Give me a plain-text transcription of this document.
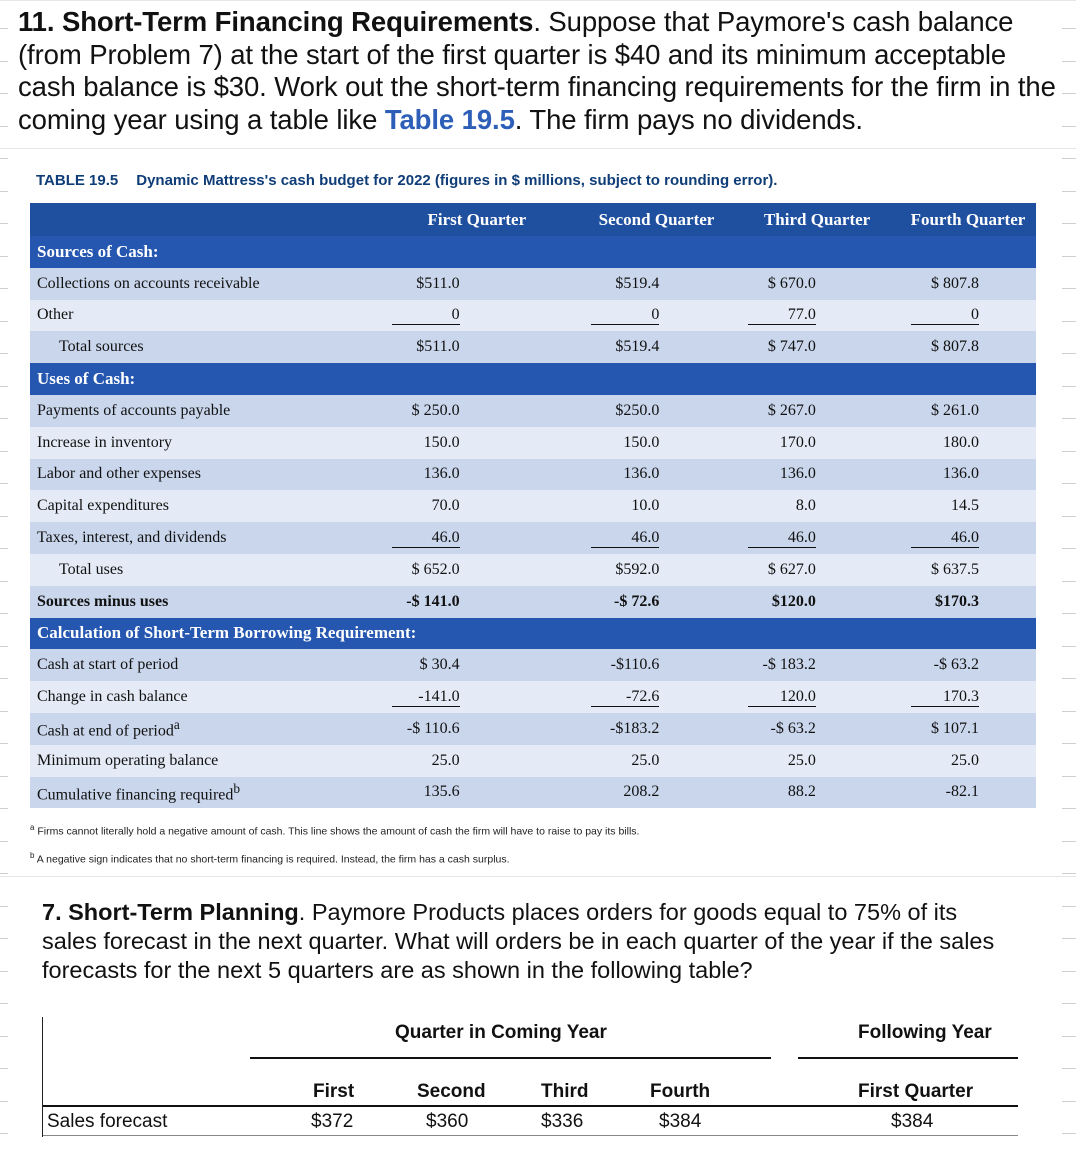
11. Short-Term Financing Requirements. Suppose that Paymore's cash balance (from Problem 7) at the start of the first quarter is $40 and its minimum acceptable cash balance is $30. Work out the short-term financing requirements for the firm in the coming year using a table like Table 19.5. The firm pays no dividends.
TABLE 19.5 Dynamic Mattress's cash budget for 2022 (figures in $ millions, subject to rounding error).
	First Quarter	Second Quarter	Third Quarter	Fourth Quarter
Sources of Cash:				
Collections on accounts receivable	$511.0	$519.4	$ 670.0	$ 807.8
Other	0	0	77.0	0
Total sources	$511.0	$519.4	$ 747.0	$ 807.8
Uses of Cash:				
Payments of accounts payable	$ 250.0	$250.0	$ 267.0	$ 261.0
Increase in inventory	150.0	150.0	170.0	180.0
Labor and other expenses	136.0	136.0	136.0	136.0
Capital expenditures	70.0	10.0	8.0	14.5
Taxes, interest, and dividends	46.0	46.0	46.0	46.0
Total uses	$ 652.0	$592.0	$ 627.0	$ 637.5
Sources minus uses	-$ 141.0	-$ 72.6	$120.0	$170.3
Calculation of Short-Term Borrowing Requirement:				
Cash at start of period	$ 30.4	-$110.6	-$ 183.2	-$ 63.2
Change in cash balance	-141.0	-72.6	120.0	170.3
Cash at end of period$^a$	-$ 110.6	-$183.2	-$ 63.2	$ 107.1
Minimum operating balance	25.0	25.0	25.0	25.0
Cumulative financing required$^b$	135.6	208.2	88.2	-82.1
$^a$ Firms cannot literally hold a negative amount of cash. This line shows the amount of cash the firm will have to raise to pay its bills.
$^b$ A negative sign indicates that no short-term financing is required. Instead, the firm has a cash surplus.
7. Short-Term Planning. Paymore Products places orders for goods equal to 75% of its sales forecast in the next quarter. What will orders be in each quarter of the year if the sales forecasts for the next 5 quarters are as shown in the following table?
Quarter in Coming Year	Following Year
First	Second	Third	Fourth	First Quarter
Sales forecast	$372	$360	$336	$384	$384
